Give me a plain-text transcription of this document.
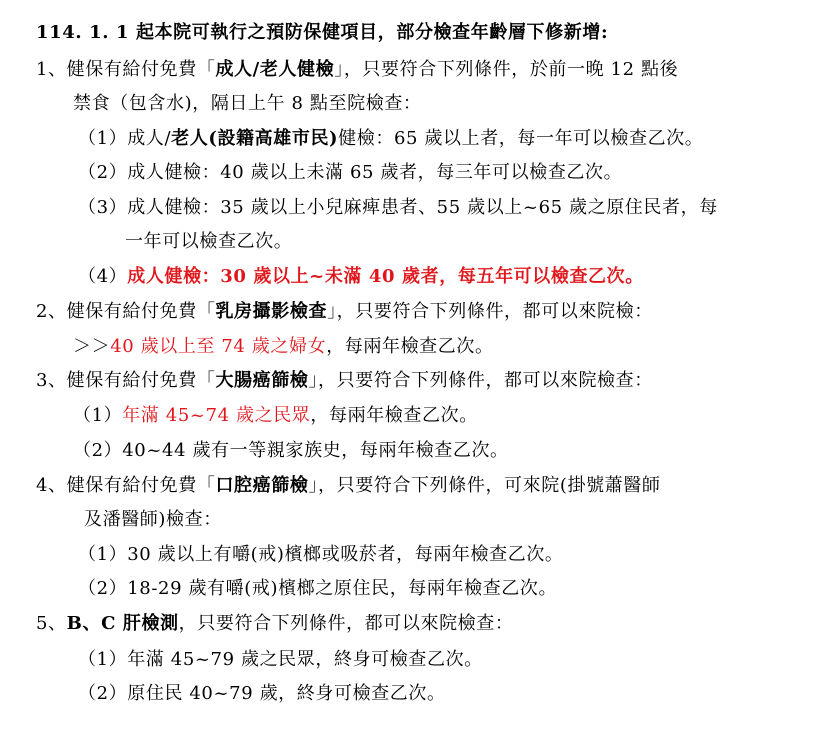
114. 1. 1 起本院可執行之預防保健項目，部分檢查年齡層下修新增:
1、健保有給付免費「成人/老人健檢」，只要符合下列條件，於前一晚 12 點後
禁食（包含水)，隔日上午 8 點至院檢查：
（1）成人/老人(設籍高雄市民)健檢：65 歲以上者，每一年可以檢查乙次。
（2）成人健檢：40 歲以上未滿 65 歲者，每三年可以檢查乙次。
（3）成人健檢：35 歲以上小兒麻痺患者、55 歲以上~65 歲之原住民者，每
一年可以檢查乙次。
（4）成人健檢：30 歲以上~未滿 40 歲者，每五年可以檢查乙次。
2、健保有給付免費「乳房攝影檢查」，只要符合下列條件，都可以來院檢：
＞＞40 歲以上至 74 歲之婦女，每兩年檢查乙次。
3、健保有給付免費「大腸癌篩檢」，只要符合下列條件，都可以來院檢查：
（1）年滿 45~74 歲之民眾，每兩年檢查乙次。
（2）40~44 歲有一等親家族史，每兩年檢查乙次。
4、健保有給付免費「口腔癌篩檢」，只要符合下列條件，可來院(掛號蕭醫師
及潘醫師)檢查：
（1）30 歲以上有嚼(戒)檳榔或吸菸者，每兩年檢查乙次。
（2）18-29 歲有嚼(戒)檳榔之原住民，每兩年檢查乙次。
5、B、C 肝檢測，只要符合下列條件，都可以來院檢查：
（1）年滿 45~79 歲之民眾，終身可檢查乙次。
（2）原住民 40~79 歲，終身可檢查乙次。
